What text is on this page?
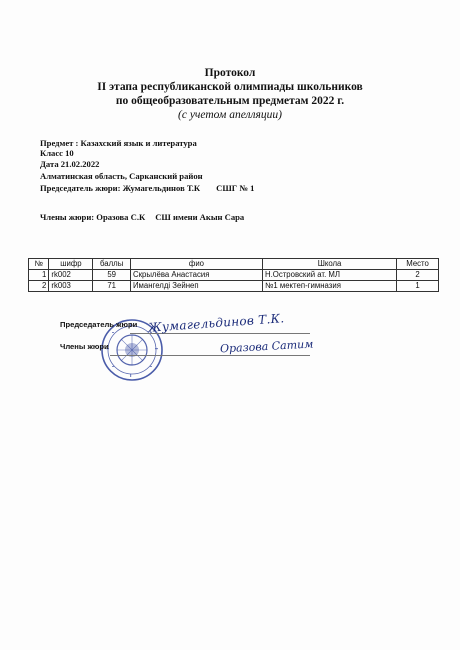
Протокол
II этапа республиканской олимпиады школьников
по общеобразовательным предметам 2022 г.
(с учетом апелляции)
Предмет : Казахский язык и литература
Класс 10
Дата 21.02.2022
Алматинская область, Сарканский район
Председатель жюри: Жумагельдинов Т.К СШГ № 1
Члены жюри: Оразова С.К СШ имени Акын Сара
№	шифр	баллы	фио	Школа	Место
1	rk002	59	Скрылёва Анастасия	Н.Островский ат. МЛ	2
2	rk003	71	Имангелді Зейнеп	№1 мектеп-гимназия	1
Председатель жюри
Члены жюри
Жумагельдинов Т.К.
Оразова Сатим
